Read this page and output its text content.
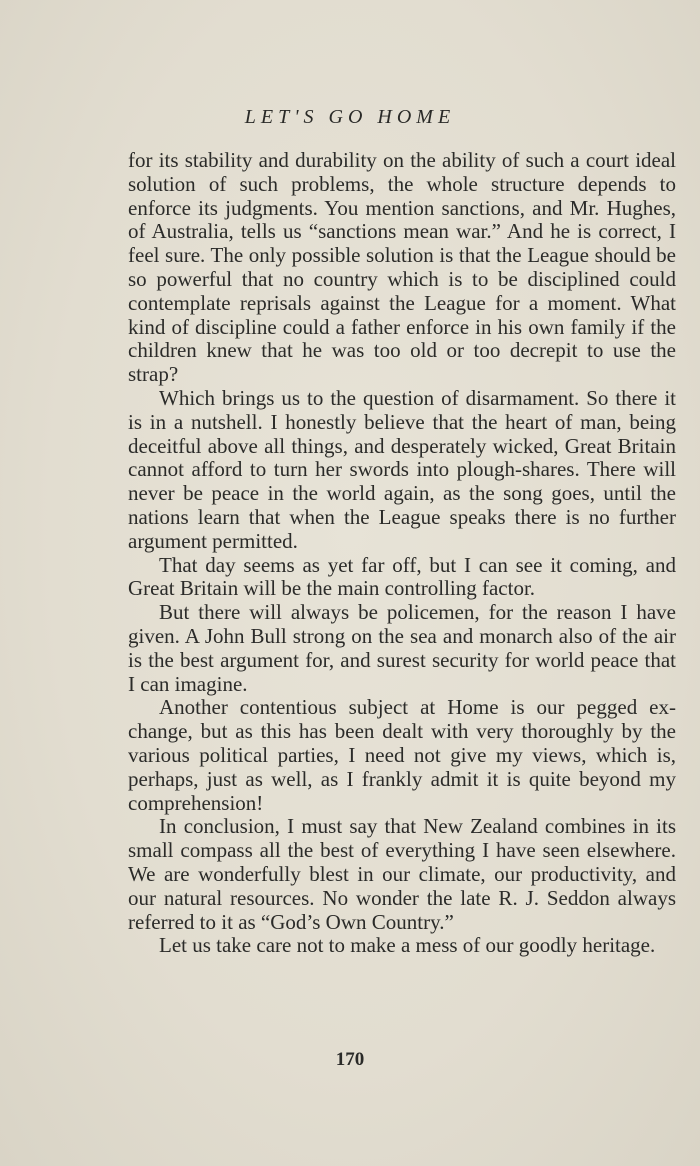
LET'S GO HOME

for its stability and durability on the ability of such a court ideal solution of such problems, the whole structure depends to enforce its judgments. You mention sanctions, and Mr. Hughes, of Australia, tells us “sanctions mean war.” And he is correct, I feel sure. The only possible solution is that the League should be so powerful that no country which is to be disciplined could contemplate reprisals against the League for a moment. What kind of discipline could a father enforce in his own family if the children knew that he was too old or too decrepit to use the strap?

Which brings us to the question of disarmament. So there it is in a nutshell. I honestly believe that the heart of man, being deceitful above all things, and desperately wicked, Great Britain cannot afford to turn her swords into plough-shares. There will never be peace in the world again, as the song goes, until the nations learn that when the League speaks there is no further argument permitted.

That day seems as yet far off, but I can see it coming, and Great Britain will be the main controlling factor.

But there will always be policemen, for the reason I have given. A John Bull strong on the sea and monarch also of the air is the best argument for, and surest security for world peace that I can imagine.

Another contentious subject at Home is our pegged ex-change, but as this has been dealt with very thoroughly by the various political parties, I need not give my views, which is, perhaps, just as well, as I frankly admit it is quite beyond my comprehension!

In conclusion, I must say that New Zealand combines in its small compass all the best of everything I have seen elsewhere. We are wonderfully blest in our climate, our productivity, and our natural resources. No wonder the late R. J. Seddon always referred to it as “God’s Own Country.”

Let us take care not to make a mess of our goodly heritage.

170
